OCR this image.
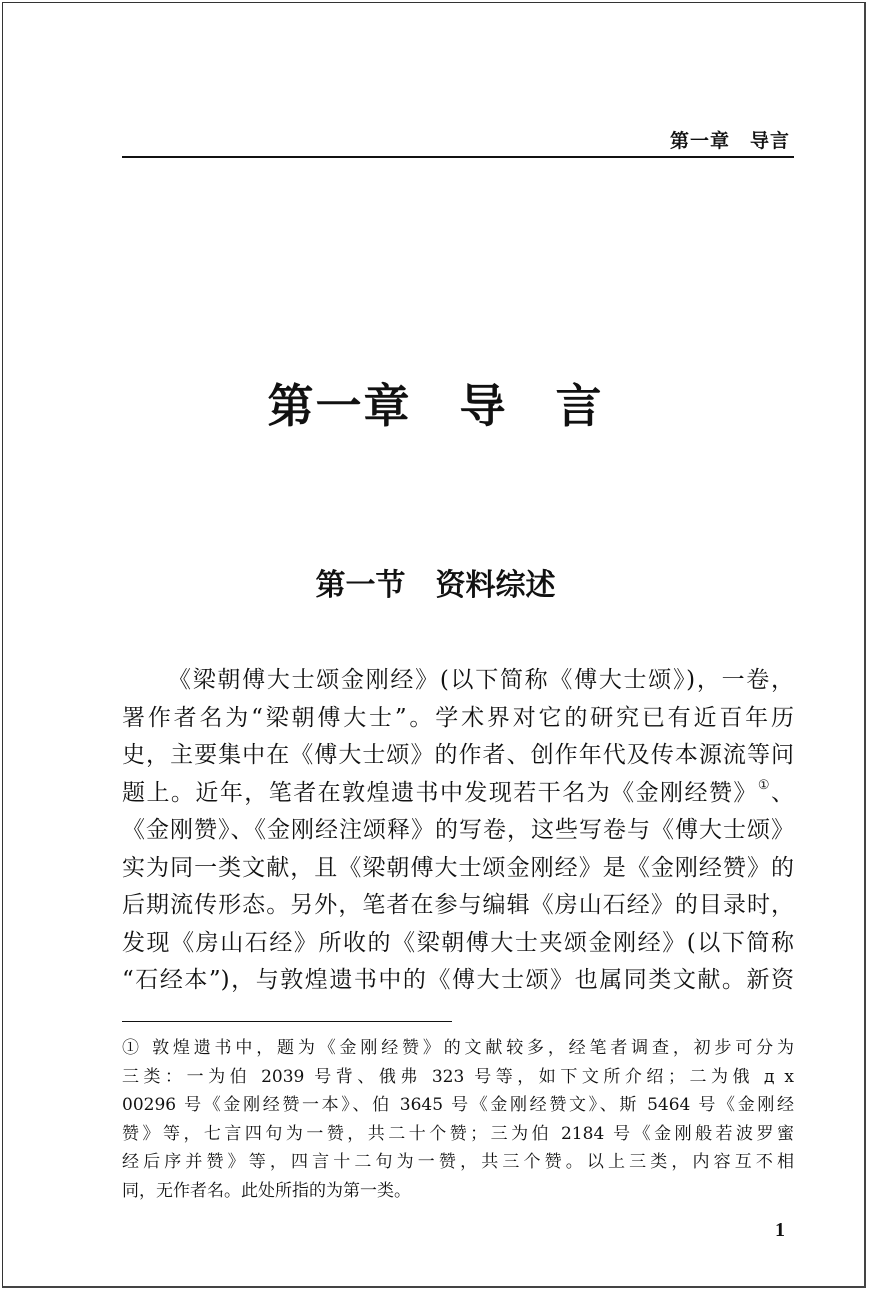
第一章　导言
第一章　导　言
第一节　资料综述
《梁朝傅大士颂金刚经》(以下简称《傅大士颂》)，一卷，
署作者名为“梁朝傅大士”。学术界对它的研究已有近百年历
史，主要集中在《傅大士颂》的作者、创作年代及传本源流等问
题上。近年，笔者在敦煌遗书中发现若干名为《金刚经赞》①、
《金刚赞》、《金刚经注颂释》的写卷，这些写卷与《傅大士颂》
实为同一类文献，且《梁朝傅大士颂金刚经》是《金刚经赞》的
后期流传形态。另外，笔者在参与编辑《房山石经》的目录时，
发现《房山石经》所收的《梁朝傅大士夹颂金刚经》(以下简称
“石经本”)，与敦煌遗书中的《傅大士颂》也属同类文献。新资
① 敦煌遗书中，题为《金刚经赞》的文献较多，经笔者调查，初步可分为
三类：一为伯 2039 号背、俄弗 323 号等，如下文所介绍；二为俄 д x
00296 号《金刚经赞一本》、伯 3645 号《金刚经赞文》、斯 5464 号《金刚经
赞》等，七言四句为一赞，共二十个赞；三为伯 2184 号《金刚般若波罗蜜
经后序并赞》等，四言十二句为一赞，共三个赞。以上三类，内容互不相
同，无作者名。此处所指的为第一类。
1
